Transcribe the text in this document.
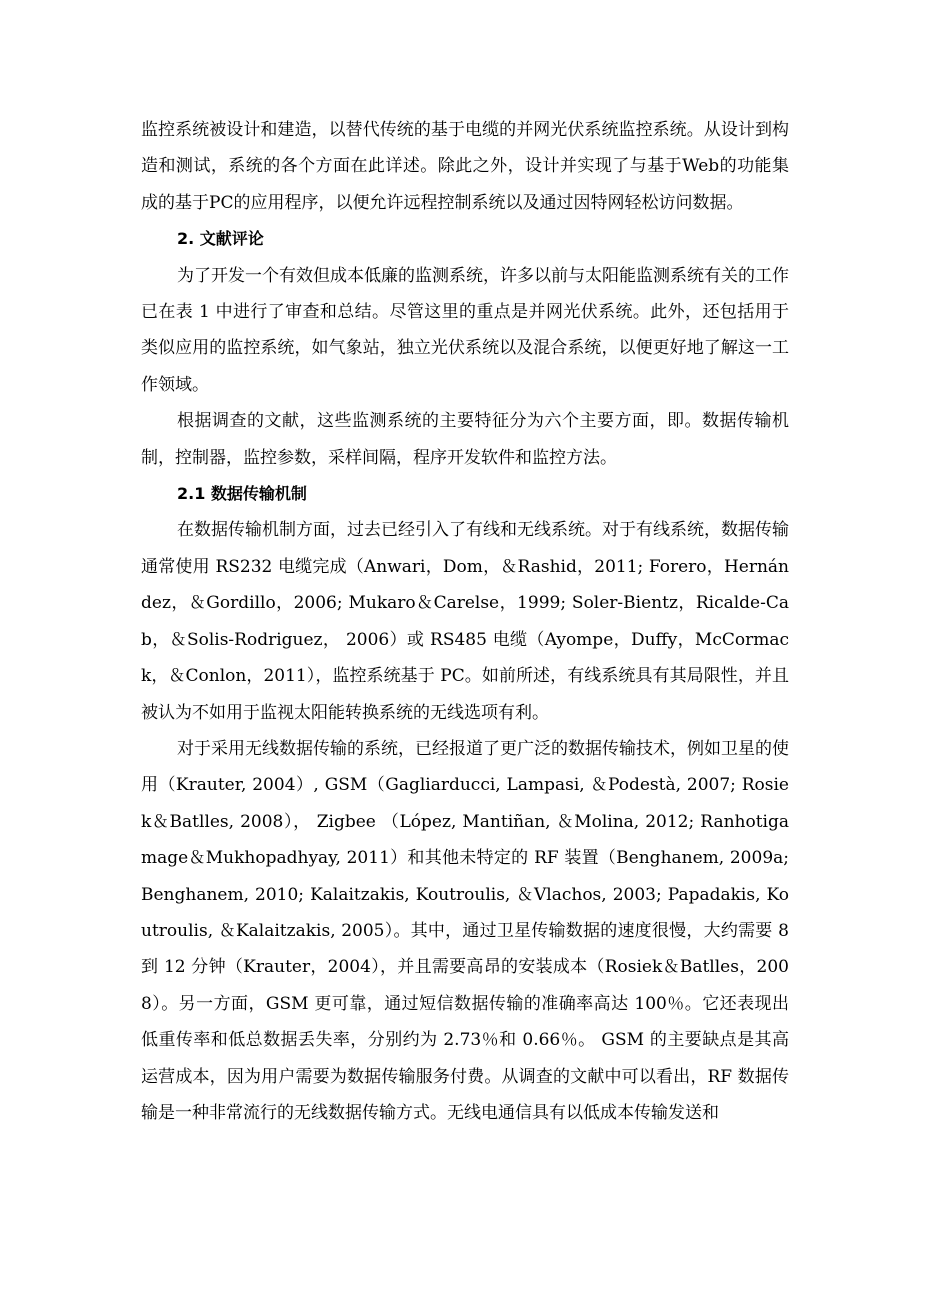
监控系统被设计和建造，以替代传统的基于电缆的并网光伏系统监控系统。从设计到构造和测试，系统的各个方面在此详述。除此之外，设计并实现了与基于Web的功能集成的基于PC的应用程序，以便允许远程控制系统以及通过因特网轻松访问数据。

2. 文献评论

为了开发一个有效但成本低廉的监测系统，许多以前与太阳能监测系统有关的工作已在表 1 中进行了审查和总结。尽管这里的重点是并网光伏系统。此外，还包括用于类似应用的监控系统，如气象站，独立光伏系统以及混合系统，以便更好地了解这一工作领域。

根据调查的文献，这些监测系统的主要特征分为六个主要方面，即。数据传输机制，控制器，监控参数，采样间隔，程序开发软件和监控方法。

2.1 数据传输机制

在数据传输机制方面，过去已经引入了有线和无线系统。对于有线系统，数据传输通常使用 RS232 电缆完成（Anwari，Dom，＆Rashid，2011; Forero，Hernández，＆Gordillo，2006; Mukaro＆Carelse，1999; Soler-Bientz，Ricalde-Cab，＆Solis-Rodriguez， 2006）或 RS485 电缆（Ayompe，Duffy，McCormack，＆Conlon，2011），监控系统基于 PC。如前所述，有线系统具有其局限性，并且被认为不如用于监视太阳能转换系统的无线选项有利。

对于采用无线数据传输的系统，已经报道了更广泛的数据传输技术，例如卫星的使用（Krauter, 2004）, GSM（Gagliarducci, Lampasi, ＆Podestà, 2007; Rosiek＆Batlles, 2008）， Zigbee （López, Mantiñan, ＆Molina, 2012; Ranhotigamage＆Mukhopadhyay, 2011）和其他未特定的 RF 装置（Benghanem, 2009a; Benghanem, 2010; Kalaitzakis, Koutroulis, ＆Vlachos, 2003; Papadakis, Koutroulis, ＆Kalaitzakis, 2005）。其中，通过卫星传输数据的速度很慢，大约需要 8 到 12 分钟（Krauter，2004），并且需要高昂的安装成本（Rosiek＆Batlles，2008）。另一方面，GSM 更可靠，通过短信数据传输的准确率高达 100％。它还表现出低重传率和低总数据丢失率，分别约为 2.73％和 0.66％。 GSM 的主要缺点是其高运营成本，因为用户需要为数据传输服务付费。从调查的文献中可以看出，RF 数据传输是一种非常流行的无线数据传输方式。无线电通信具有以低成本传输发送和
